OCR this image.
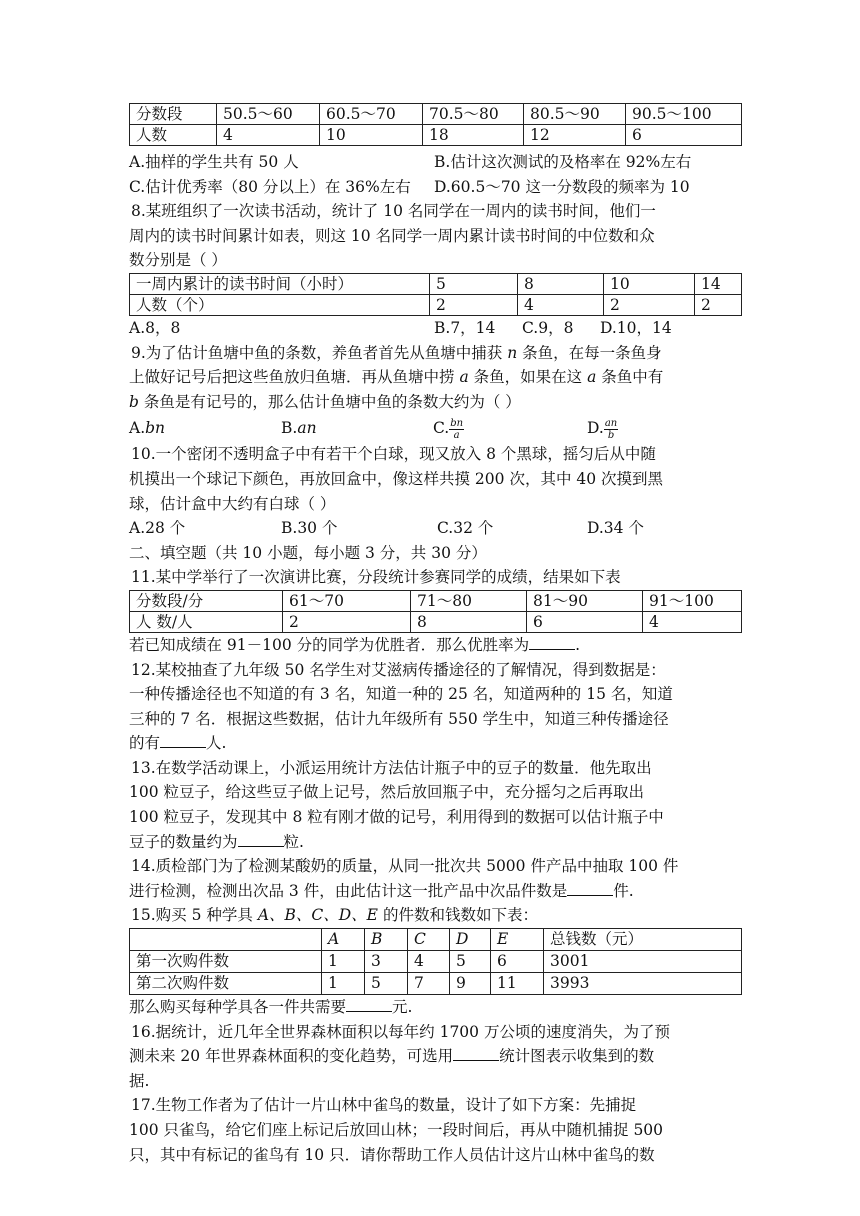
分数段	50.5～60	60.5～70	70.5～80	80.5～90	90.5～100
人数	4	10	18	12	6
A.抽样的学生共有 50 人	B.估计这次测试的及格率在 92%左右
C.估计优秀率（80 分以上）在 36%左右	D.60.5～70 这一分数段的频率为 10

8.某班组织了一次读书活动，统计了 10 名同学在一周内的读书时间，他们一

周内的读书时间累计如表，则这 10 名同学一周内累计读书时间的中位数和众

数分别是（ ）

一周内累计的读书时间（小时）	5	8	10	14
人数（个）	2	4	2	2
A.8，8	B.7，14	C.9，8	D.10，14

9.为了估计鱼塘中鱼的条数，养鱼者首先从鱼塘中捕获 n 条鱼，在每一条鱼身

上做好记号后把这些鱼放归鱼塘．再从鱼塘中捞 a 条鱼，如果在这 a 条鱼中有

b 条鱼是有记号的，那么估计鱼塘中鱼的条数大约为（ ）

A.bn	B.an	C. $\frac{bn}{a}$	D. $\frac{an}{b}$

10.一个密闭不透明盒子中有若干个白球，现又放入 8 个黑球，摇匀后从中随

机摸出一个球记下颜色，再放回盒中，像这样共摸 200 次，其中 40 次摸到黑

球，估计盒中大约有白球（ ）

A.28 个	B.30 个	C.32 个	D.34 个

二、填空题（共 10 小题，每小题 3 分，共 30 分）

11.某中学举行了一次演讲比赛，分段统计参赛同学的成绩，结果如下表

分数段/分	61～70	71～80	81～90	91～100
人 数/人	2	8	6	4

若已知成绩在 91－100 分的同学为优胜者．那么优胜率为	.

12.某校抽查了九年级 50 名学生对艾滋病传播途径的了解情况，得到数据是：

一种传播途径也不知道的有 3 名，知道一种的 25 名，知道两种的 15 名，知道

三种的 7 名．根据这些数据，估计九年级所有 550 学生中，知道三种传播途径

的有	人.

13.在数学活动课上，小派运用统计方法估计瓶子中的豆子的数量．他先取出

100 粒豆子，给这些豆子做上记号，然后放回瓶子中，充分摇匀之后再取出

100 粒豆子，发现其中 8 粒有刚才做的记号，利用得到的数据可以估计瓶子中

豆子的数量约为	粒.

14.质检部门为了检测某酸奶的质量，从同一批次共 5000 件产品中抽取 100 件

进行检测，检测出次品 3 件，由此估计这一批产品中次品件数是	件.

15.购买 5 种学具 A、B、C、D、E 的件数和钱数如下表：

	A	B	C	D	E	总钱数（元）
第一次购件数	1	3	4	5	6	3001
第二次购件数	1	5	7	9	11	3993

那么购买每种学具各一件共需要	元.

16.据统计，近几年全世界森林面积以每年约 1700 万公顷的速度消失，为了预

测未来 20 年世界森林面积的变化趋势，可选用	统计图表示收集到的数

据.

17.生物工作者为了估计一片山林中雀鸟的数量，设计了如下方案：先捕捉

100 只雀鸟，给它们座上标记后放回山林；一段时间后，再从中随机捕捉 500

只，其中有标记的雀鸟有 10 只．请你帮助工作人员估计这片山林中雀鸟的数
